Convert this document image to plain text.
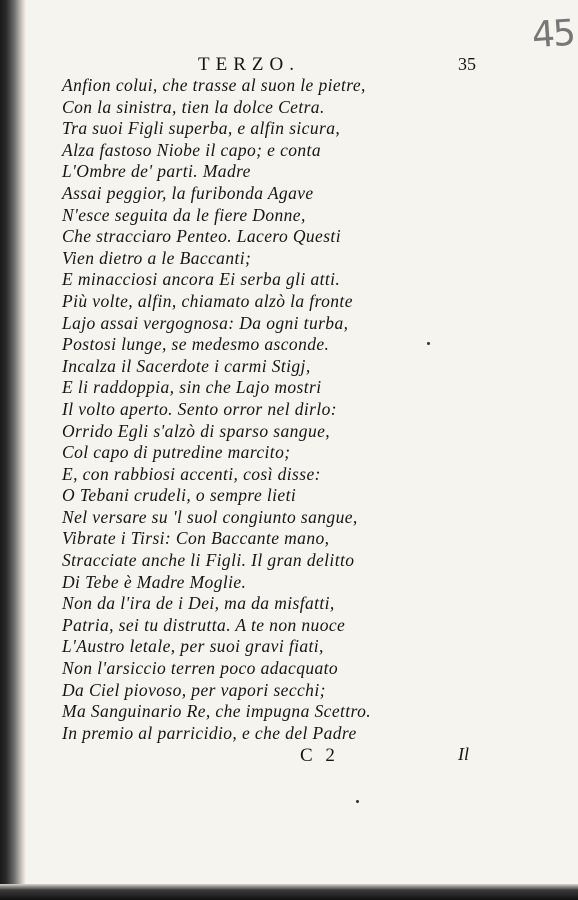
45
TERZO.	35
Anfion colui, che trasse al suon le pietre,
Con la sinistra, tien la dolce Cetra.
Tra suoi Figli superba, e alfin sicura,
Alza fastoso Niobe il capo; e conta
L'Ombre de' parti. Madre
Assai peggior, la furibonda Agave
N'esce seguita da le fiere Donne,
Che stracciaro Penteo. Lacero Questi
Vien dietro a le Baccanti;
E minacciosi ancora Ei serba gli atti.
Più volte, alfin, chiamato alzò la fronte
Lajo assai vergognosa: Da ogni turba,
Postosi lunge, se medesmo asconde.
Incalza il Sacerdote i carmi Stigj,
E li raddoppia, sin che Lajo mostri
Il volto aperto. Sento orror nel dirlo:
Orrido Egli s'alzò di sparso sangue,
Col capo di putredine marcito;
E, con rabbiosi accenti, così disse:
O Tebani crudeli, o sempre lieti
Nel versare su 'l suol congiunto sangue,
Vibrate i Tirsi: Con Baccante mano,
Stracciate anche li Figli. Il gran delitto
Di Tebe è Madre Moglie.
Non da l'ira de i Dei, ma da misfatti,
Patria, sei tu distrutta. A te non nuoce
L'Austro letale, per suoi gravi fiati,
Non l'arsiccio terren poco adacquato
Da Ciel piovoso, per vapori secchi;
Ma Sanguinario Re, che impugna Scettro.
In premio al parricidio, e che del Padre
C 2	Il
